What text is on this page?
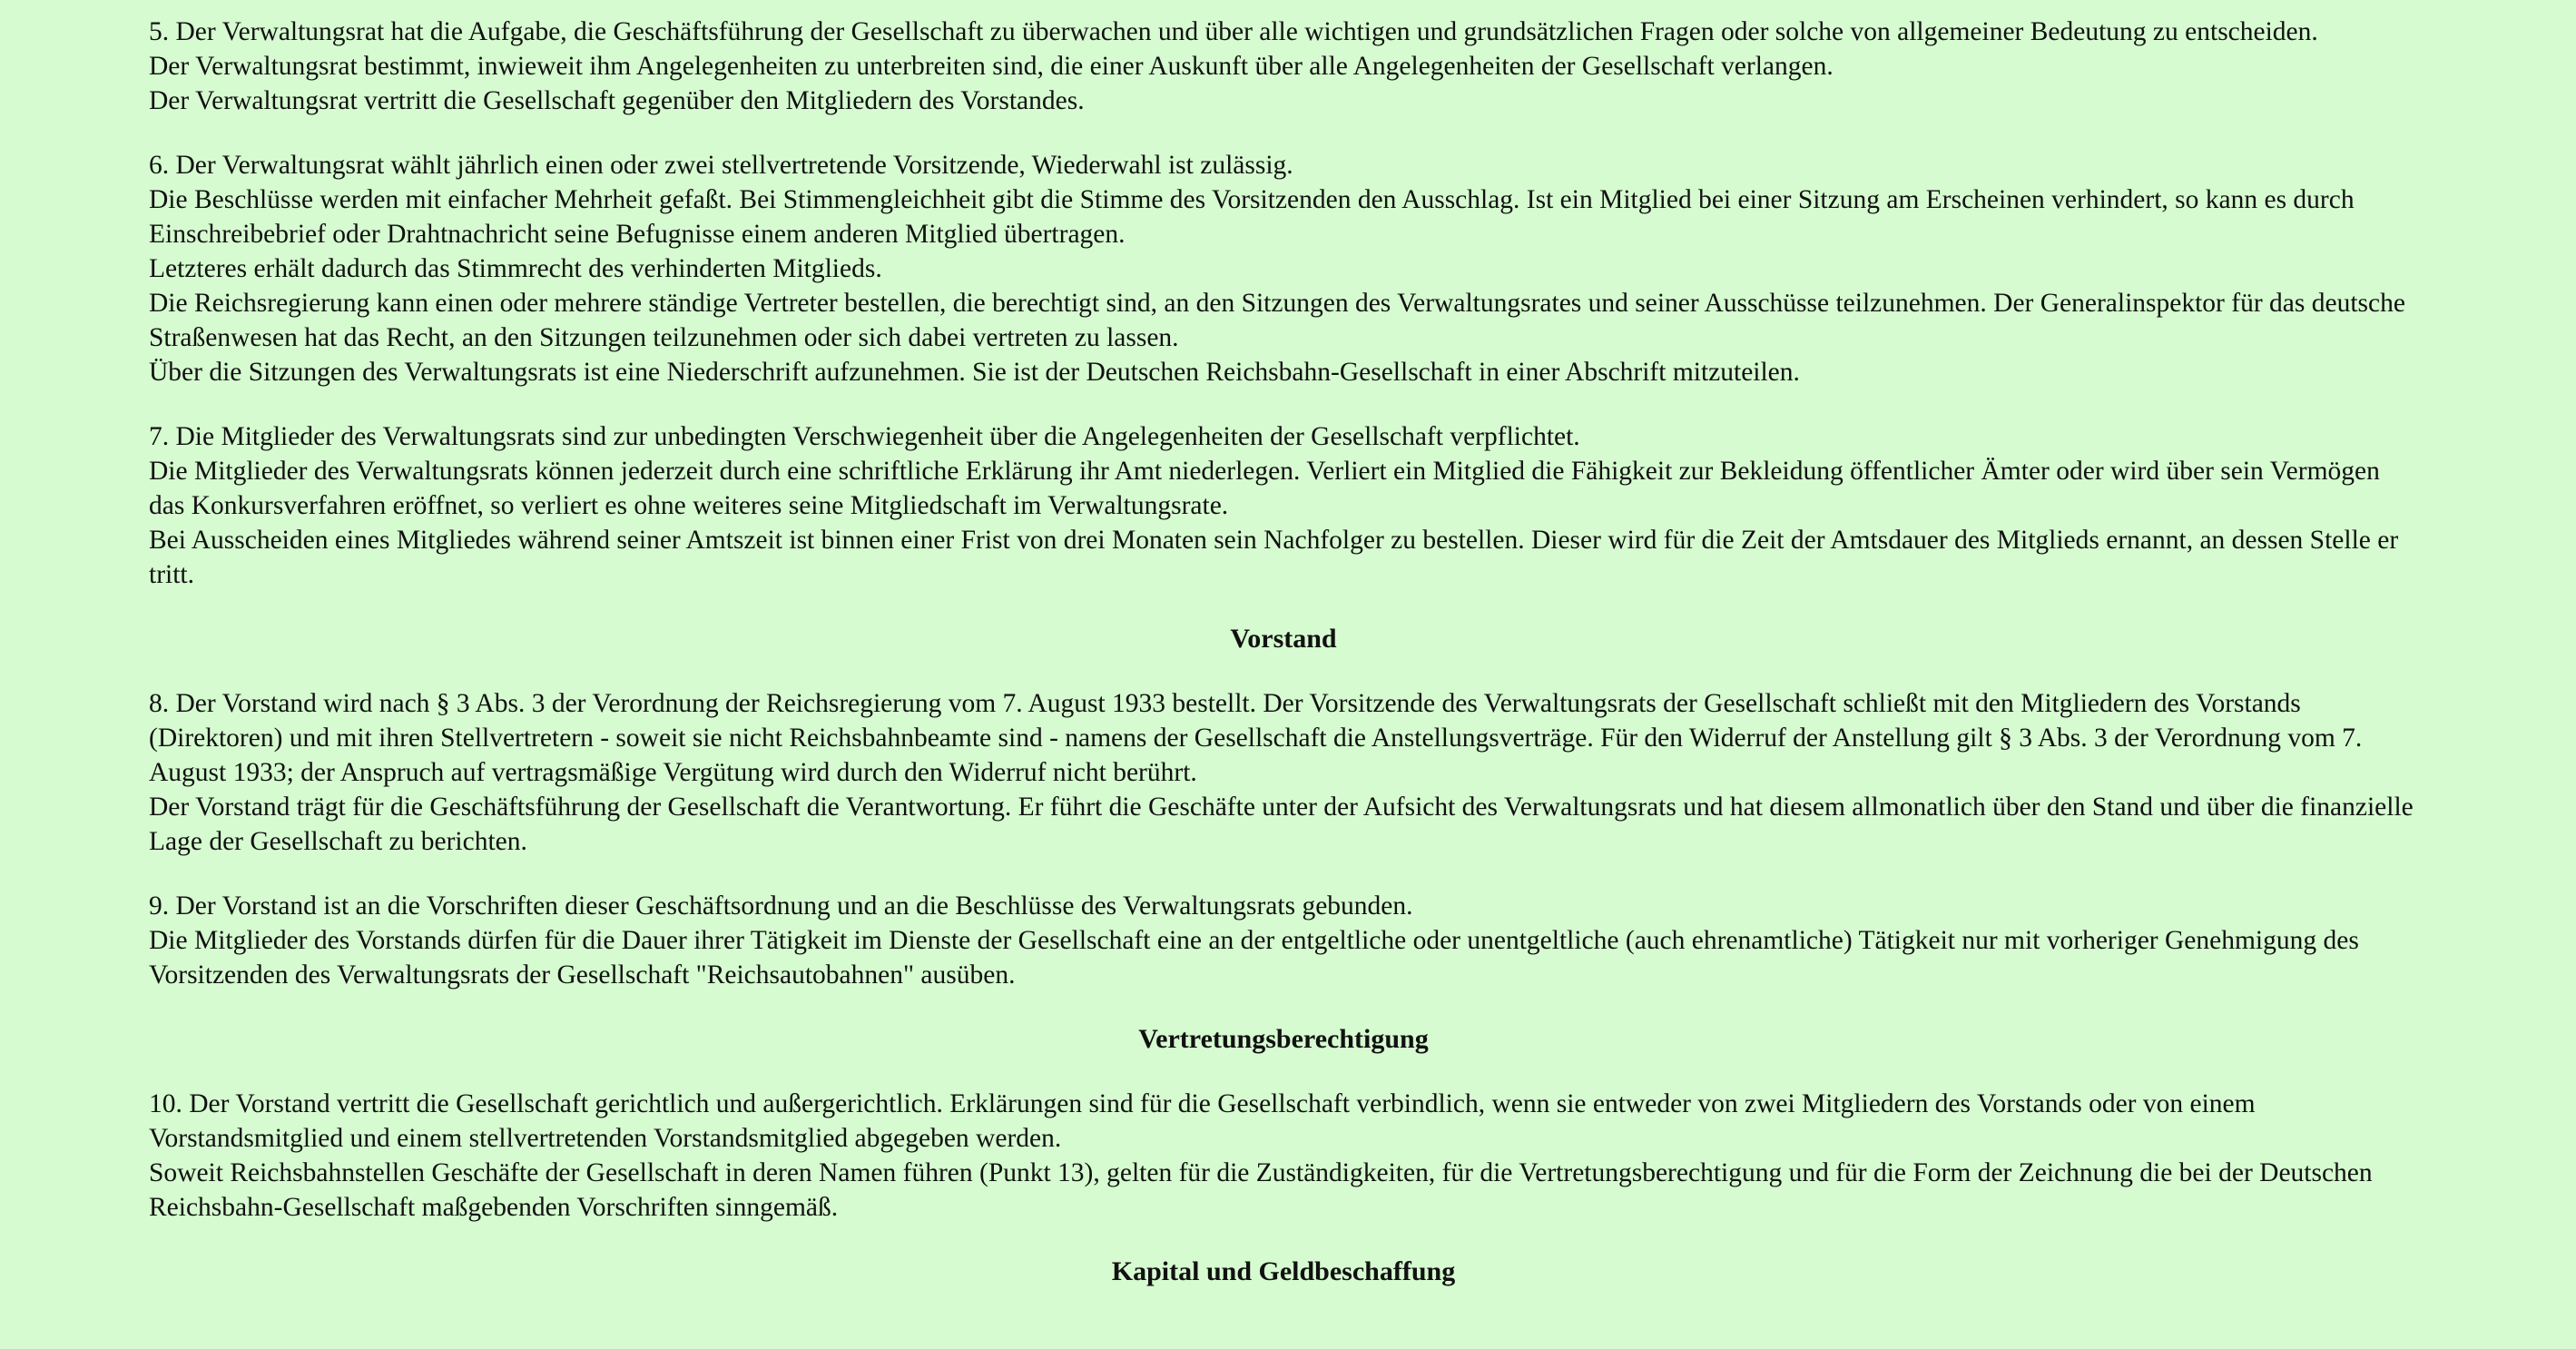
5. Der Verwaltungsrat hat die Aufgabe, die Geschäftsführung der Gesellschaft zu überwachen und über alle wichtigen und grundsätzlichen Fragen oder solche von allgemeiner Bedeutung zu entscheiden.
Der Verwaltungsrat bestimmt, inwieweit ihm Angelegenheiten zu unterbreiten sind, die einer Auskunft über alle Angelegenheiten der Gesellschaft verlangen.
Der Verwaltungsrat vertritt die Gesellschaft gegenüber den Mitgliedern des Vorstandes.

6. Der Verwaltungsrat wählt jährlich einen oder zwei stellvertretende Vorsitzende, Wiederwahl ist zulässig.
Die Beschlüsse werden mit einfacher Mehrheit gefaßt. Bei Stimmengleichheit gibt die Stimme des Vorsitzenden den Ausschlag. Ist ein Mitglied bei einer Sitzung am Erscheinen verhindert, so kann es durch Einschreibebrief oder Drahtnachricht seine Befugnisse einem anderen Mitglied übertragen.
Letzteres erhält dadurch das Stimmrecht des verhinderten Mitglieds.
Die Reichsregierung kann einen oder mehrere ständige Vertreter bestellen, die berechtigt sind, an den Sitzungen des Verwaltungsrates und seiner Ausschüsse teilzunehmen. Der Generalinspektor für das deutsche Straßenwesen hat das Recht, an den Sitzungen teilzunehmen oder sich dabei vertreten zu lassen.
Über die Sitzungen des Verwaltungsrats ist eine Niederschrift aufzunehmen. Sie ist der Deutschen Reichsbahn-Gesellschaft in einer Abschrift mitzuteilen.

7. Die Mitglieder des Verwaltungsrats sind zur unbedingten Verschwiegenheit über die Angelegenheiten der Gesellschaft verpflichtet.
Die Mitglieder des Verwaltungsrats können jederzeit durch eine schriftliche Erklärung ihr Amt niederlegen. Verliert ein Mitglied die Fähigkeit zur Bekleidung öffentlicher Ämter oder wird über sein Vermögen das Konkursverfahren eröffnet, so verliert es ohne weiteres seine Mitgliedschaft im Verwaltungsrate.
Bei Ausscheiden eines Mitgliedes während seiner Amtszeit ist binnen einer Frist von drei Monaten sein Nachfolger zu bestellen. Dieser wird für die Zeit der Amtsdauer des Mitglieds ernannt, an dessen Stelle er tritt.

Vorstand

8. Der Vorstand wird nach § 3 Abs. 3 der Verordnung der Reichsregierung vom 7. August 1933 bestellt. Der Vorsitzende des Verwaltungsrats der Gesellschaft schließt mit den Mitgliedern des Vorstands (Direktoren) und mit ihren Stellvertretern - soweit sie nicht Reichsbahnbeamte sind - namens der Gesellschaft die Anstellungsverträge. Für den Widerruf der Anstellung gilt § 3 Abs. 3 der Verordnung vom 7. August 1933; der Anspruch auf vertragsmäßige Vergütung wird durch den Widerruf nicht berührt.
Der Vorstand trägt für die Geschäftsführung der Gesellschaft die Verantwortung. Er führt die Geschäfte unter der Aufsicht des Verwaltungsrats und hat diesem allmonatlich über den Stand und über die finanzielle Lage der Gesellschaft zu berichten.

9. Der Vorstand ist an die Vorschriften dieser Geschäftsordnung und an die Beschlüsse des Verwaltungsrats gebunden.
Die Mitglieder des Vorstands dürfen für die Dauer ihrer Tätigkeit im Dienste der Gesellschaft eine an der entgeltliche oder unentgeltliche (auch ehrenamtliche) Tätigkeit nur mit vorheriger Genehmigung des Vorsitzenden des Verwaltungsrats der Gesellschaft "Reichsautobahnen" ausüben.

Vertretungsberechtigung

10. Der Vorstand vertritt die Gesellschaft gerichtlich und außergerichtlich. Erklärungen sind für die Gesellschaft verbindlich, wenn sie entweder von zwei Mitgliedern des Vorstands oder von einem Vorstandsmitglied und einem stellvertretenden Vorstandsmitglied abgegeben werden.
Soweit Reichsbahnstellen Geschäfte der Gesellschaft in deren Namen führen (Punkt 13), gelten für die Zuständigkeiten, für die Vertretungsberechtigung und für die Form der Zeichnung die bei der Deutschen Reichsbahn-Gesellschaft maßgebenden Vorschriften sinngemäß.

Kapital und Geldbeschaffung
